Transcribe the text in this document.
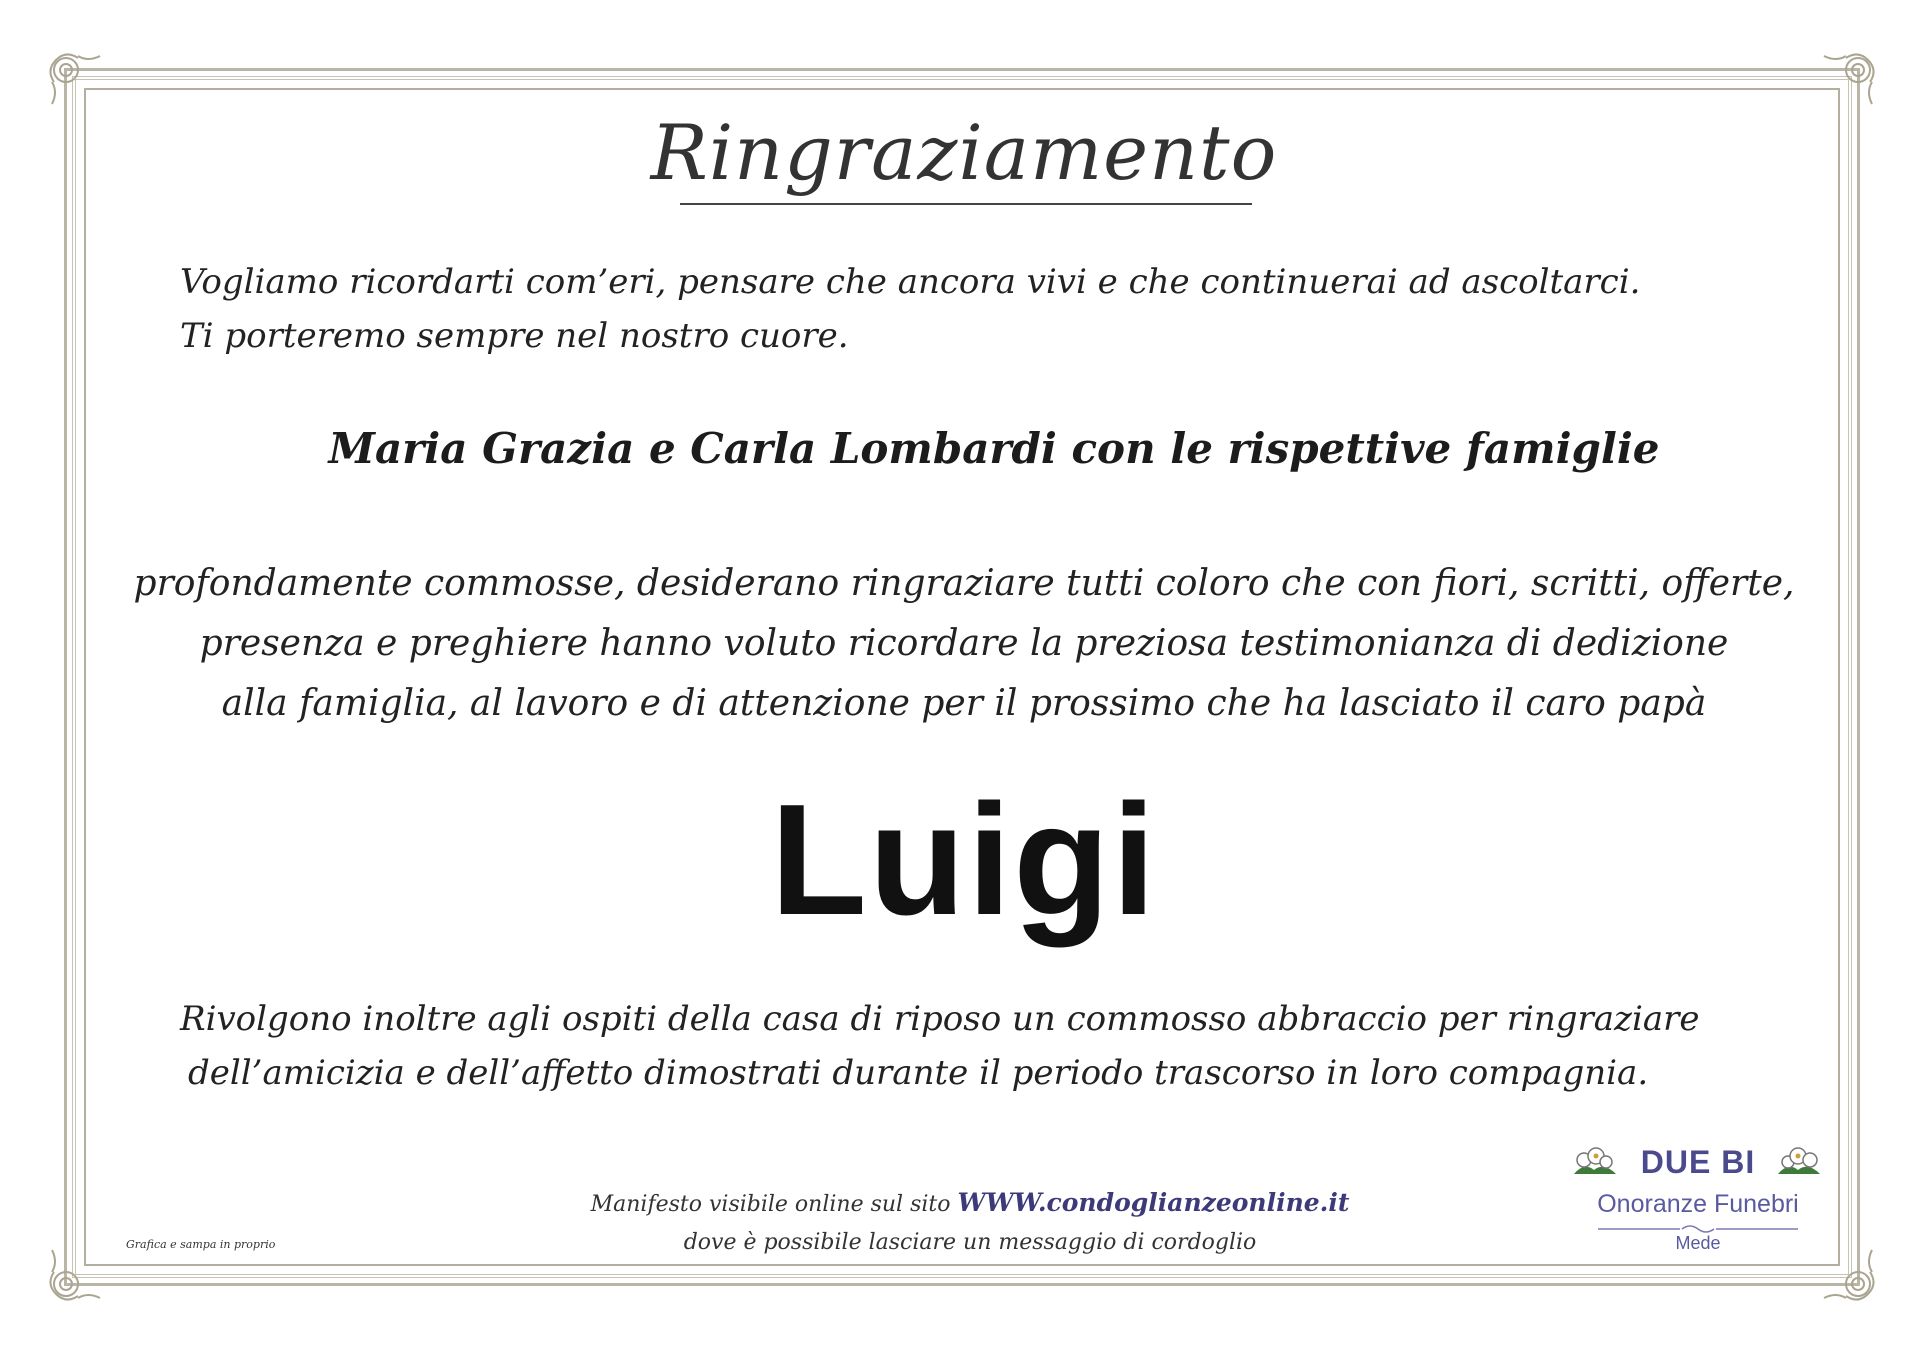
Ringraziamento
Vogliamo ricordarti com’eri, pensare che ancora vivi e che continuerai ad ascoltarci.
Ti porteremo sempre nel nostro cuore.
Maria Grazia e Carla Lombardi con le rispettive famiglie
profondamente commosse, desiderano ringraziare tutti coloro che con fiori, scritti, offerte,
presenza e preghiere hanno voluto ricordare la preziosa testimonianza di dedizione
alla famiglia, al lavoro e di attenzione per il prossimo che ha lasciato il caro papà
Luigi
Rivolgono inoltre agli ospiti della casa di riposo un commosso abbraccio per ringraziare
dell’amicizia e dell’affetto dimostrati durante il periodo trascorso in loro compagnia.
Manifesto visibile online sul sito WWW.condoglianzeonline.it
dove è possibile lasciare un messaggio di cordoglio
Grafica e sampa in proprio
DUE BI
Onoranze Funebri
Mede
